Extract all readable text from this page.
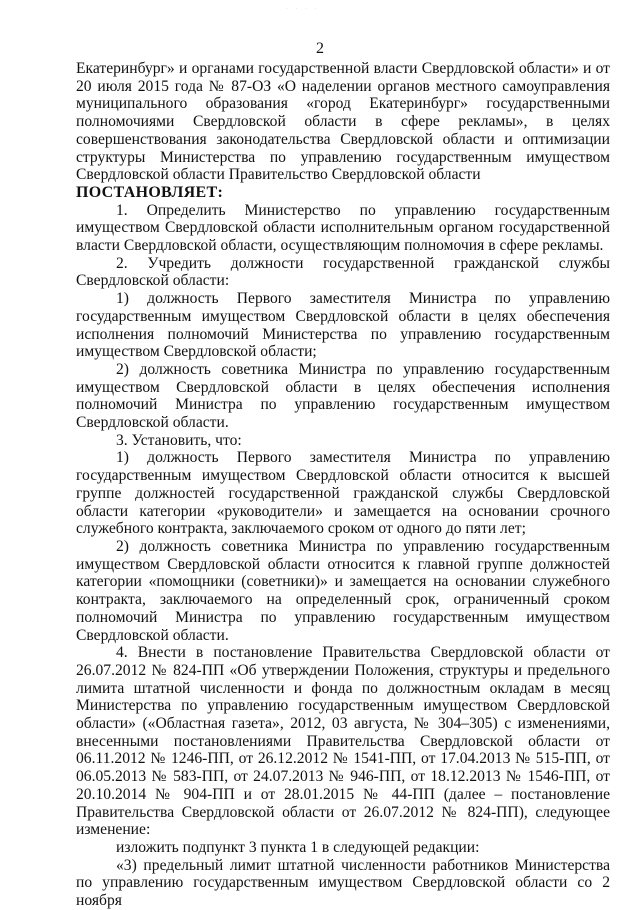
· · · ·
2

Екатеринбург» и органами государственной власти Свердловской области» и от 20 июля 2015 года № 87-ОЗ «О наделении органов местного самоуправления муниципального образования «город Екатеринбург» государственными полномочиями Свердловской области в сфере рекламы», в целях совершенствования законодательства Свердловской области и оптимизации структуры Министерства по управлению государственным имуществом Свердловской области Правительство Свердловской области

ПОСТАНОВЛЯЕТ:

1. Определить Министерство по управлению государственным имуществом Свердловской области исполнительным органом государственной власти Свердловской области, осуществляющим полномочия в сфере рекламы.

2. Учредить должности государственной гражданской службы Свердловской области:

1) должность Первого заместителя Министра по управлению государственным имуществом Свердловской области в целях обеспечения исполнения полномочий Министерства по управлению государственным имуществом Свердловской области;

2) должность советника Министра по управлению государственным имуществом Свердловской области в целях обеспечения исполнения полномочий Министра по управлению государственным имуществом Свердловской области.

3. Установить, что:

1) должность Первого заместителя Министра по управлению государственным имуществом Свердловской области относится к высшей группе должностей государственной гражданской службы Свердловской области категории «руководители» и замещается на основании срочного служебного контракта, заключаемого сроком от одного до пяти лет;

2) должность советника Министра по управлению государственным имуществом Свердловской области относится к главной группе должностей категории «помощники (советники)» и замещается на основании служебного контракта, заключаемого на определенный срок, ограниченный сроком полномочий Министра по управлению государственным имуществом Свердловской области.

4. Внести в постановление Правительства Свердловской области от 26.07.2012 № 824-ПП «Об утверждении Положения, структуры и предельного лимита штатной численности и фонда по должностным окладам в месяц Министерства по управлению государственным имуществом Свердловской области» («Областная газета», 2012, 03 августа, № 304–305) с изменениями, внесенными постановлениями Правительства Свердловской области от 06.11.2012 № 1246-ПП, от 26.12.2012 № 1541-ПП, от 17.04.2013 № 515-ПП, от 06.05.2013 № 583-ПП, от 24.07.2013 № 946-ПП, от 18.12.2013 № 1546-ПП, от 20.10.2014 № 904-ПП и от 28.01.2015 № 44-ПП (далее – постановление Правительства Свердловской области от 26.07.2012 № 824-ПП), следующее изменение:

изложить подпункт 3 пункта 1 в следующей редакции:

«3) предельный лимит штатной численности работников Министерства по управлению государственным имуществом Свердловской области со 2 ноября
